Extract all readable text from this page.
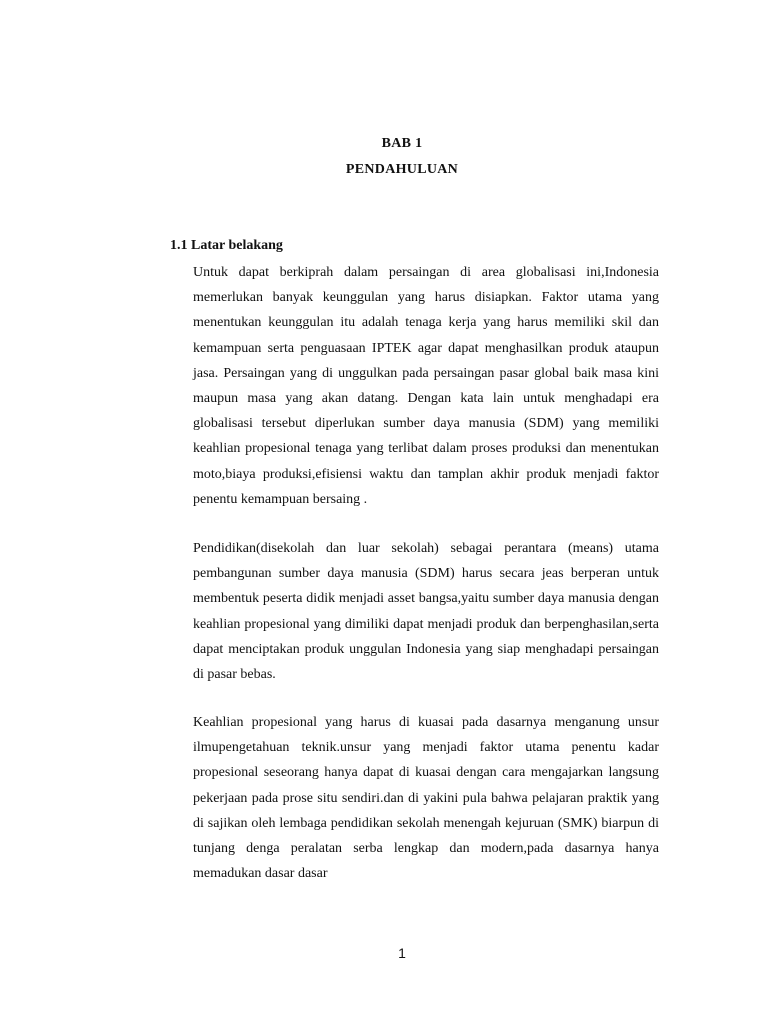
BAB 1
PENDAHULUAN
1.1 Latar belakang
Untuk dapat berkiprah dalam persaingan di area globalisasi ini,Indonesia memerlukan banyak keunggulan yang harus disiapkan. Faktor utama yang menentukan keunggulan itu adalah tenaga kerja yang harus memiliki skil dan kemampuan serta penguasaan IPTEK agar dapat menghasilkan produk ataupun jasa. Persaingan yang di unggulkan pada persaingan pasar global baik masa kini maupun masa yang akan datang. Dengan kata lain untuk menghadapi era globalisasi tersebut diperlukan sumber daya manusia (SDM) yang memiliki keahlian propesional tenaga yang terlibat dalam proses produksi dan menentukan moto,biaya produksi,efisiensi waktu dan tamplan akhir produk menjadi faktor penentu kemampuan bersaing .
Pendidikan(disekolah dan luar sekolah) sebagai perantara (means) utama pembangunan sumber daya manusia (SDM) harus secara jeas berperan untuk membentuk peserta didik menjadi asset bangsa,yaitu sumber daya manusia dengan keahlian propesional yang dimiliki dapat menjadi produk dan berpenghasilan,serta dapat menciptakan produk unggulan Indonesia yang siap menghadapi persaingan di pasar bebas.
Keahlian propesional yang harus di kuasai pada dasarnya menganung unsur ilmupengetahuan teknik.unsur yang menjadi faktor utama penentu kadar propesional seseorang hanya dapat di kuasai dengan cara mengajarkan langsung pekerjaan pada prose situ sendiri.dan di yakini pula bahwa pelajaran praktik yang di sajikan oleh lembaga pendidikan sekolah menengah kejuruan (SMK) biarpun di tunjang denga peralatan serba lengkap dan modern,pada dasarnya hanya memadukan dasar dasar
1
